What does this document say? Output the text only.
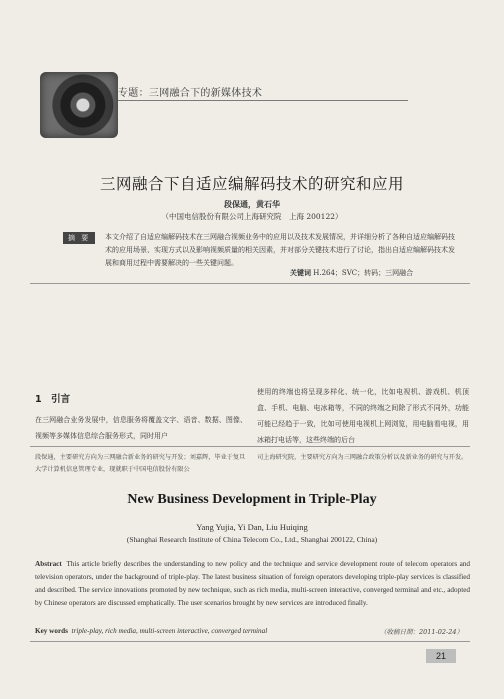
专题：三网融合下的新媒体技术
三网融合下自适应编解码技术的研究和应用
段保通，黄石华
（中国电信股份有限公司上海研究院　上海 200122）
摘 要	本文介绍了自适应编解码技术在三网融合视频业务中的应用以及技术发展情况，并详细分析了各种自适应编解码技术的应用场景、实现方式以及影响视频质量的相关因素，并对部分关键技术进行了讨论，指出自适应编解码技术发展和商用过程中需要解决的一些关键问题。
关键词 H.264；SVC；转码；三网融合
1　引言
在三网融合业务发展中，信息服务将覆盖文字、语音、数据、图像、视频等多媒体信息综合服务形式，同时用户
使用的终端也将呈现多样化、统一化，比如电视机、游戏机、机顶盒、手机、电脑、电冰箱等，不同的终端之间除了形式不同外，功能可能已经趋于一致，比如可使用电视机上网浏览，用电脑看电视，用冰箱打电话等，这些终端的后台
段保通，主要研究方向为三网融合新业务的研究与开发；刘嘉辉，毕业于复旦大学计算机信息管理专业，现就职于中国电信股份有限公
司上海研究院，主要研究方向为三网融合政策分析以及新业务的研究与开发。
New Business Development in Triple-Play
Yang Yujia, Yi Dan, Liu Huiqing
(Shanghai Research Institute of China Telecom Co., Ltd., Shanghai 200122, China)
Abstract This article briefly describes the understanding to new policy and the technique and service development route of telecom operators and television operators, under the background of triple-play. The latest business situation of foreign operators developing triple-play services is classified and described. The service innovations promoted by new technique, such as rich media, multi-screen interactive, converged terminal and etc., adopted by Chinese operators are discussed emphatically. The user scenarios brought by new services are introduced finally.
Key words triple-play, rich media, multi-screen interactive, converged terminal	（收稿日期：2011-02-24）
21
